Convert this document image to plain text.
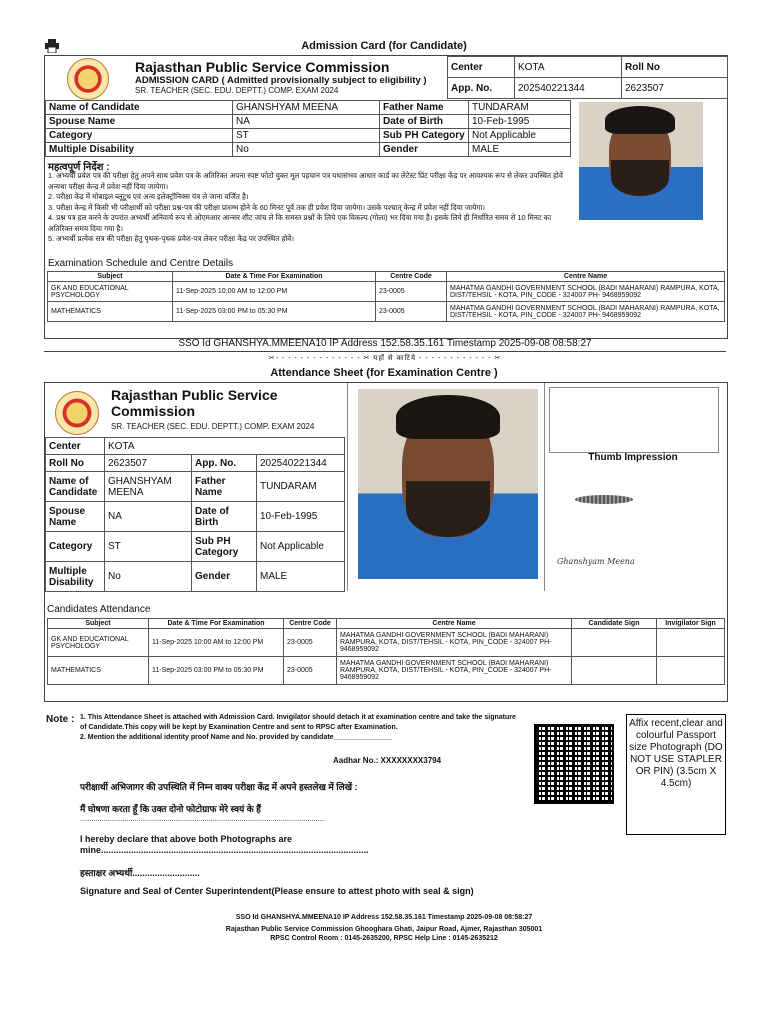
Admission Card (for Candidate)
Rajasthan Public Service Commission
ADMISSION CARD ( Admitted provisionally subject to eligibility )
SR. TEACHER (SEC. EDU. DEPTT.) COMP. EXAM 2024
Center	KOTA	Roll No
App. No.	202540221344	2623507
Name of Candidate	GHANSHYAM MEENA	Father Name	TUNDARAM
Spouse Name	NA	Date of Birth	10-Feb-1995
Category	ST	Sub PH Category	Not Applicable
Multiple Disability	No	Gender	MALE
महत्वपूर्ण निर्देश :
1. अभ्यर्थी प्रवेश पत्र की परीक्षा हेतु अपने साथ प्रवेश पत्र के अतिरिक्त अपना स्पष्ट फोटो युक्त मूल पहचान पत्र यथासंभव आधार कार्ड का लेटेस्ट प्रिंट परीक्षा केंद्र पर आवश्यक रूप से लेकर उपस्थित होवें अन्यथा परीक्षा केन्द्र में प्रवेश नहीं दिया जायेगा।
2. परीक्षा केंद्र में मोबाइल ब्लूटूथ एवं अन्य इलेक्ट्रॉनिक्स यंत्र ले जाना वर्जित है।
3. परीक्षा केन्द्र में किसी भी परीक्षार्थी को परीक्षा प्रश्न-पत्र की परीक्षा प्रारम्भ होने के 60 मिनट पूर्व तक ही प्रवेश दिया जायेगा। उसके पश्चात् केन्द्र में प्रवेश नहीं दिया जायेगा।
4. प्रश्न पत्र हल करने के उपरांत अभ्यर्थी अनिवार्य रूप से ओएमआर आन्सर शीट जांच ले कि समस्त प्रश्नों के लिये एक विकल्प (गोला) भर दिया गया है। इसके लिये ही निर्धारित समय से 10 मिनट का अतिरिक्त समय दिया गया है।
5. अभ्यर्थी प्रत्येक सत्र की परीक्षा हेतु पृथक-पृथक प्रवेश-पत्र लेकर परीक्षा केंद्र पर उपस्थित होवें।
Examination Schedule and Centre Details
Subject	Date & Time For Examination	Centre Code	Centre Name
GK AND EDUCATIONAL PSYCHOLOGY	11-Sep-2025 10:00 AM to 12:00 PM	23-0005	MAHATMA GANDHI GOVERNMENT SCHOOL (BADI MAHARANI) RAMPURA, KOTA, DIST/TEHSIL - KOTA, PIN_CODE - 324007 PH- 9468959092
MATHEMATICS	11-Sep-2025 03:00 PM to 05:30 PM	23-0005	MAHATMA GANDHI GOVERNMENT SCHOOL (BADI MAHARANI) RAMPURA, KOTA, DIST/TEHSIL - KOTA, PIN_CODE - 324007 PH- 9468959092
SSO Id GHANSHYA.MMEENA10 IP Address 152.58.35.161 Timestamp 2025-09-08 08:58:27
✂- - - - - - - - - - - - - - ✂ यहाँ से काटिये - - - - - - - - - - - - ✂
Attendance Sheet (for Examination Centre )
Rajasthan Public Service Commission
SR. TEACHER (SEC. EDU. DEPTT.) COMP. EXAM 2024
Center	KOTA		
Roll No	2623507	App. No.	202540221344
Name of Candidate	GHANSHYAM MEENA	Father Name	TUNDARAM
Spouse Name	NA	Date of Birth	10-Feb-1995
Category	ST	Sub PH Category	Not Applicable
Multiple Disability	No	Gender	MALE
Thumb Impression
Ghanshyam Meena
Candidates Attendance
Subject	Date & Time For Examination	Centre Code	Centre Name	Candidate Sign	Invigilator Sign
GK AND EDUCATIONAL PSYCHOLOGY	11-Sep-2025 10:00 AM to 12:00 PM	23-0005	MAHATMA GANDHI GOVERNMENT SCHOOL (BADI MAHARANI) RAMPURA, KOTA, DIST/TEHSIL - KOTA, PIN_CODE - 324007 PH- 9468959092		
MATHEMATICS	11-Sep-2025 03:00 PM to 05:30 PM	23-0005	MAHATMA GANDHI GOVERNMENT SCHOOL (BADI MAHARANI) RAMPURA, KOTA, DIST/TEHSIL - KOTA, PIN_CODE - 324007 PH- 9468959092		
Note : 1. This Attendance Sheet is attached with Admission Card. Invigilator should detach it at examination centre and take the signature of Candidate.This copy will be kept by Examination Centre and sent to RPSC after Examination.
2. Mention the additional identity proof Name and No. provided by candidate_______________
Aadhar No.: XXXXXXXX3794
Affix recent,clear and colourful Passport size Photograph (DO NOT USE STAPLER OR PIN) (3.5cm X 4.5cm)
परीक्षार्थी अभिजागर की उपस्थिति में निम्न वाक्य परीक्षा केंद्र में अपने हस्तलेख में लिखें :
मैं घोषणा करता हूँ कि उक्त दोनो फोटोग्राफ मेरे स्वयं के हैं
..............................................................................................................................
I hereby declare that above both Photographs are
mine...........................................................................................................
हस्ताक्षर अभ्यर्थी...........................
Signature and Seal of Center Superintendent(Please ensure to attest photo with seal & sign)
SSO Id GHANSHYA.MMEENA10 IP Address 152.58.35.161 Timestamp 2025-09-08 08:58:27
Rajasthan Public Service Commission Ghooghara Ghati, Jaipur Road, Ajmer, Rajasthan 305001
RPSC Control Room : 0145-2635200, RPSC Help Line : 0145-2635212
